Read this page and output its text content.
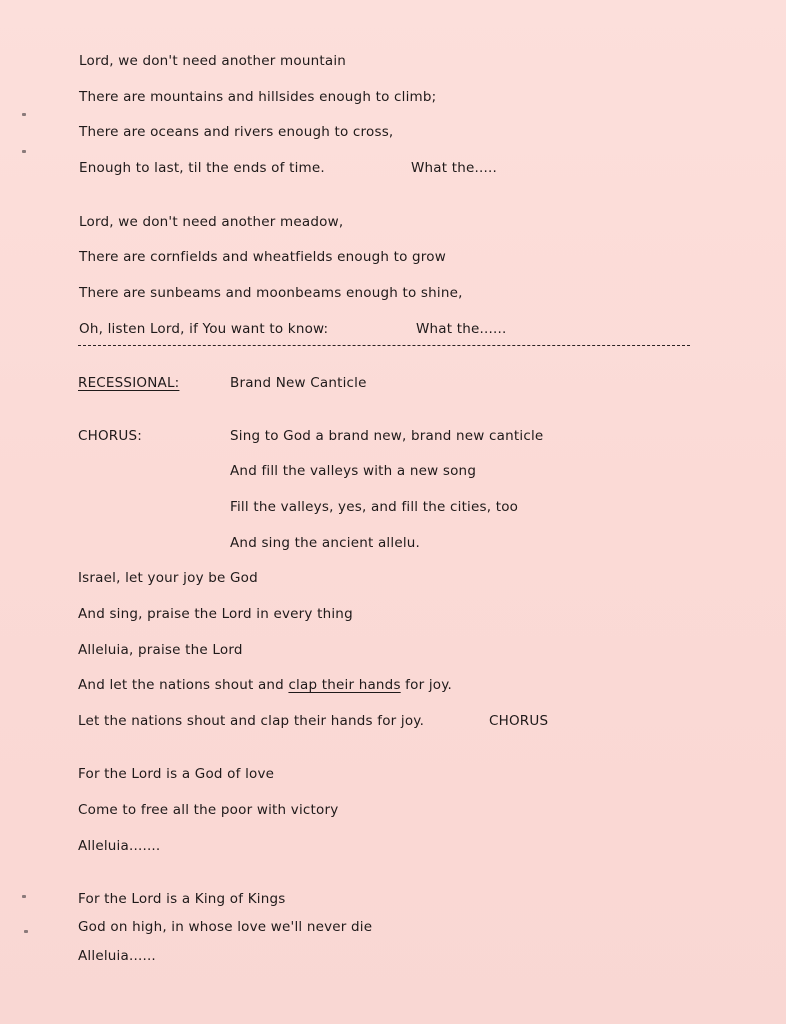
Lord, we don't need another mountain
There are mountains and hillsides enough to climb;
There are oceans and rivers enough to cross,
Enough to last, til the ends of time.	What the.....
Lord, we don't need another meadow,
There are cornfields and wheatfields enough to grow
There are sunbeams and moonbeams enough to shine,
Oh, listen Lord, if You want to know:	What the......
RECESSIONAL:	Brand New Canticle
CHORUS:	Sing to God a brand new, brand new canticle
And fill the valleys with a new song
Fill the valleys, yes, and fill the cities, too
And sing the ancient allelu.
Israel, let your joy be God
And sing, praise the Lord in every thing
Alleluia, praise the Lord
And let the nations shout and clap their hands for joy.
Let the nations shout and clap their hands for joy.	CHORUS
For the Lord is a God of love
Come to free all the poor with victory
Alleluia.......
For the Lord is a King of Kings
God on high, in whose love we'll never die
Alleluia......
